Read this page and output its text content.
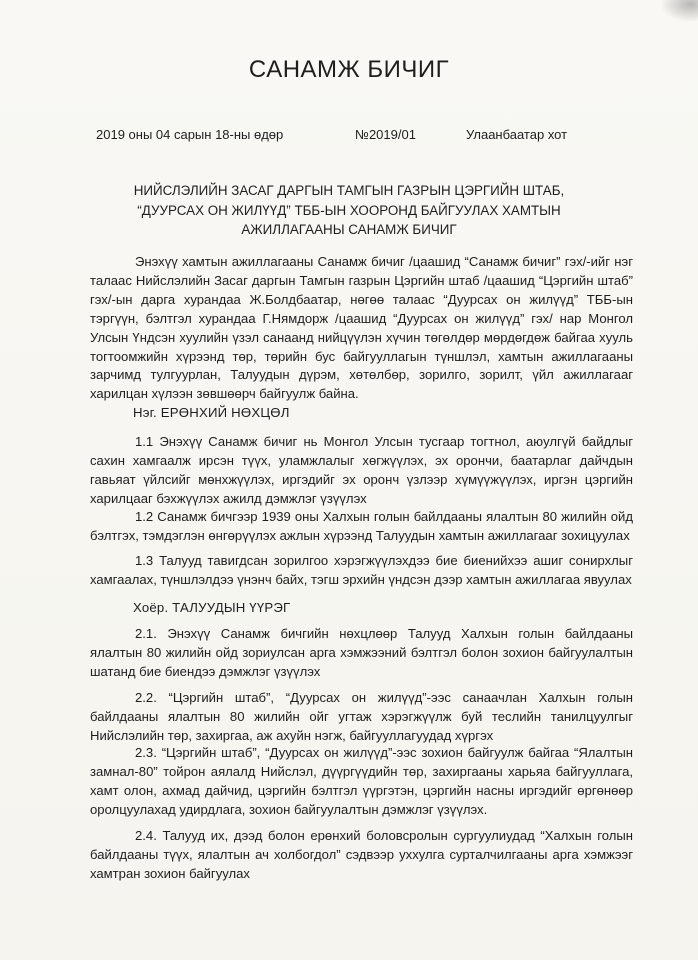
САНАМЖ БИЧИГ
2019 оны 04 сарын 18-ны өдөр	№2019/01	Улаанбаатар хот
НИЙСЛЭЛИЙН ЗАСАГ ДАРГЫН ТАМГЫН ГАЗРЫН ЦЭРГИЙН ШТАБ,
“ДУУРСАХ ОН ЖИЛҮҮД” ТББ-ЫН ХООРОНД БАЙГУУЛАХ ХАМТЫН
АЖИЛЛАГААНЫ САНАМЖ БИЧИГ

Энэхүү хамтын ажиллагааны Санамж бичиг /цаашид “Санамж бичиг” гэх/-ийг нэг талаас Нийслэлийн Засаг даргын Тамгын газрын Цэргийн штаб /цаашид “Цэргийн штаб” гэх/-ын дарга хурандаа Ж.Болдбаатар, нөгөө талаас “Дуурсах он жилүүд” ТББ-ын тэргүүн, бэлтгэл хурандаа Г.Нямдорж /цаашид “Дуурсах он жилүүд” гэх/ нар Монгол Улсын Үндсэн хуулийн үзэл санаанд нийцүүлэн хүчин төгөлдөр мөрдөгдөж байгаа хууль тогтоомжийн хүрээнд төр, төрийн бус байгууллагын түншлэл, хамтын ажиллагааны зарчимд тулгуурлан, Талуудын дүрэм, хөтөлбөр, зорилго, зорилт, үйл ажиллагааг харилцан хүлээн зөвшөөрч байгуулж байна.

Нэг. ЕРӨНХИЙ НӨХЦӨЛ

1.1 Энэхүү Санамж бичиг нь Монгол Улсын тусгаар тогтнол, аюулгүй байдлыг сахин хамгаалж ирсэн түүх, уламжлалыг хөгжүүлэх, эх орончи, баатарлаг дайчдын гавьяат үйлсийг мөнхжүүлэх, иргэдийг эх оронч үзлээр хүмүүжүүлэх, иргэн цэргийн харилцааг бэхжүүлэх ажилд дэмжлэг үзүүлэх

1.2 Санамж бичгээр 1939 оны Халхын голын байлдааны ялалтын 80 жилийн ойд бэлтгэх, тэмдэглэн өнгөрүүлэх ажлын хүрээнд Талуудын хамтын ажиллагааг зохицуулах

1.3 Талууд тавигдсан зорилгоо хэрэгжүүлэхдээ бие биенийхээ ашиг сонирхлыг хамгаалах, түншлэлдээ үнэнч байх, тэгш эрхийн үндсэн дээр хамтын ажиллагаа явуулах

Хоёр. ТАЛУУДЫН ҮҮРЭГ

2.1. Энэхүү Санамж бичгийн нөхцлөөр Талууд Халхын голын байлдааны ялалтын 80 жилийн ойд зориулсан арга хэмжээний бэлтгэл болон зохион байгуулалтын шатанд бие биендээ дэмжлэг үзүүлэх

2.2. “Цэргийн штаб”, “Дуурсах он жилүүд”-ээс санаачлан Халхын голын байлдааны ялалтын 80 жилийн ойг угтаж хэрэгжүүлж буй теслийн танилцуулгыг Нийслэлийн төр, захиргаа, аж ахуйн нэгж, байгууллагуудад хүргэх

2.3. “Цэргийн штаб”, “Дуурсах он жилүүд”-ээс зохион байгуулж байгаа “Ялалтын замнал-80” тойрон аялалд Нийслэл, дүүргүүдийн төр, захиргааны харьяа байгууллага, хамт олон, ахмад дайчид, цэргийн бэлтгэл үүргэтэн, цэргийн насны иргэдийг өргөнөөр оролцуулахад удирдлага, зохион байгуулалтын дэмжлэг үзүүлэх.

2.4. Талууд их, дээд болон ерөнхий боловсролын сургуулиудад “Халхын голын байлдааны түүх, ялалтын ач холбогдол” сэдвээр уххулга сурталчилгааны арга хэмжээг хамтран зохион байгуулах
